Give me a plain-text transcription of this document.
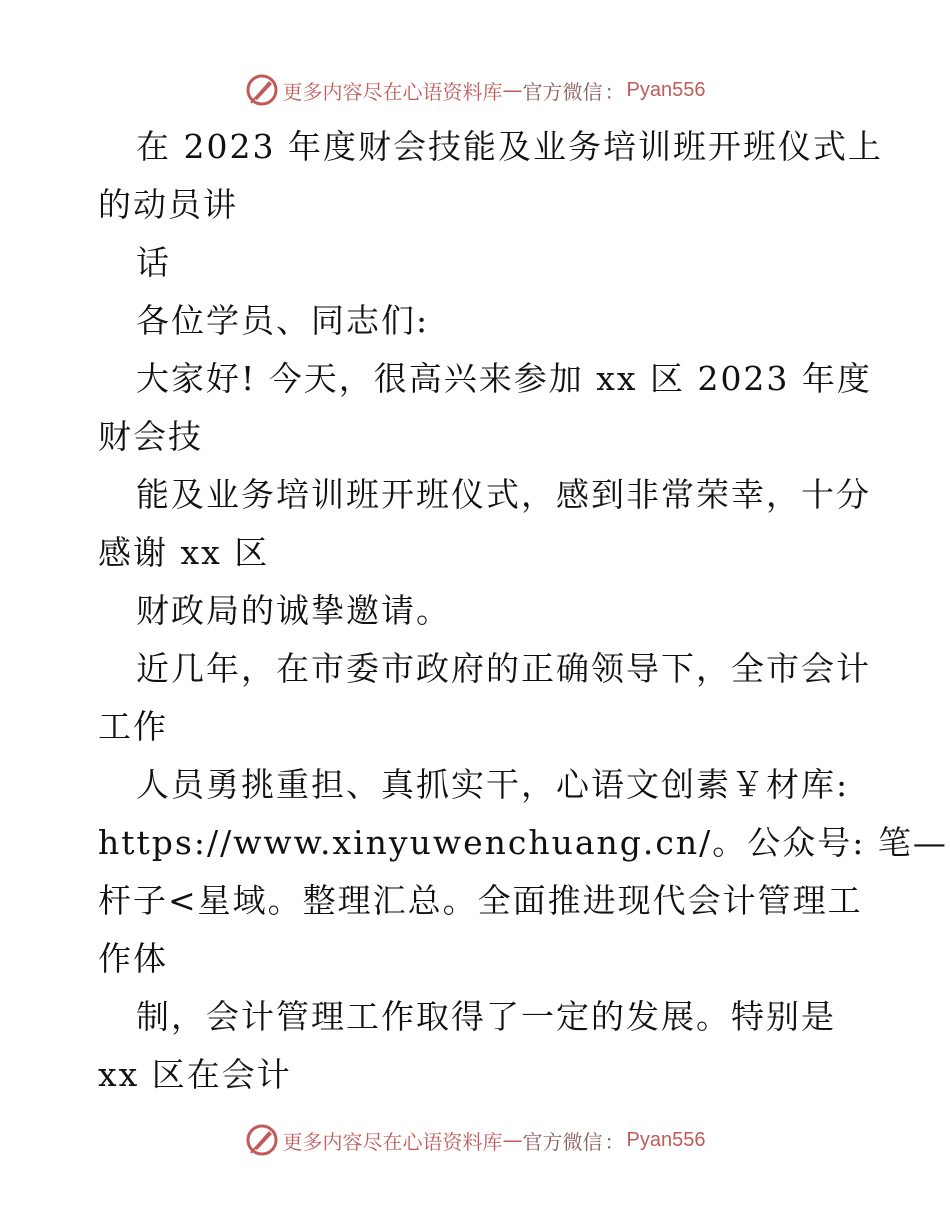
更多内容尽在心语资料库 — 官方微信 ： Pyan556
在 2023 年度财会技能及业务培训班开班仪式上
的动员讲
话
各位学员、同志们:
大家好! 今天，很高兴来参加 xx 区 2023 年度
财会技
能及业务培训班开班仪式，感到非常荣幸，十分
感谢 xx 区
财政局的诚挚邀请。
近几年，在市委市政府的正确领导下，全市会计
工作
人员勇挑重担、真抓实干，心语文创素￥材库:
https://www.xinyuwenchuang.cn/。公众号: 笔—
杆子<星域。整理汇总。全面推进现代会计管理工
作体
制，会计管理工作取得了一定的发展。特别是
xx 区在会计
更多内容尽在心语资料库 — 官方微信 ： Pyan556
